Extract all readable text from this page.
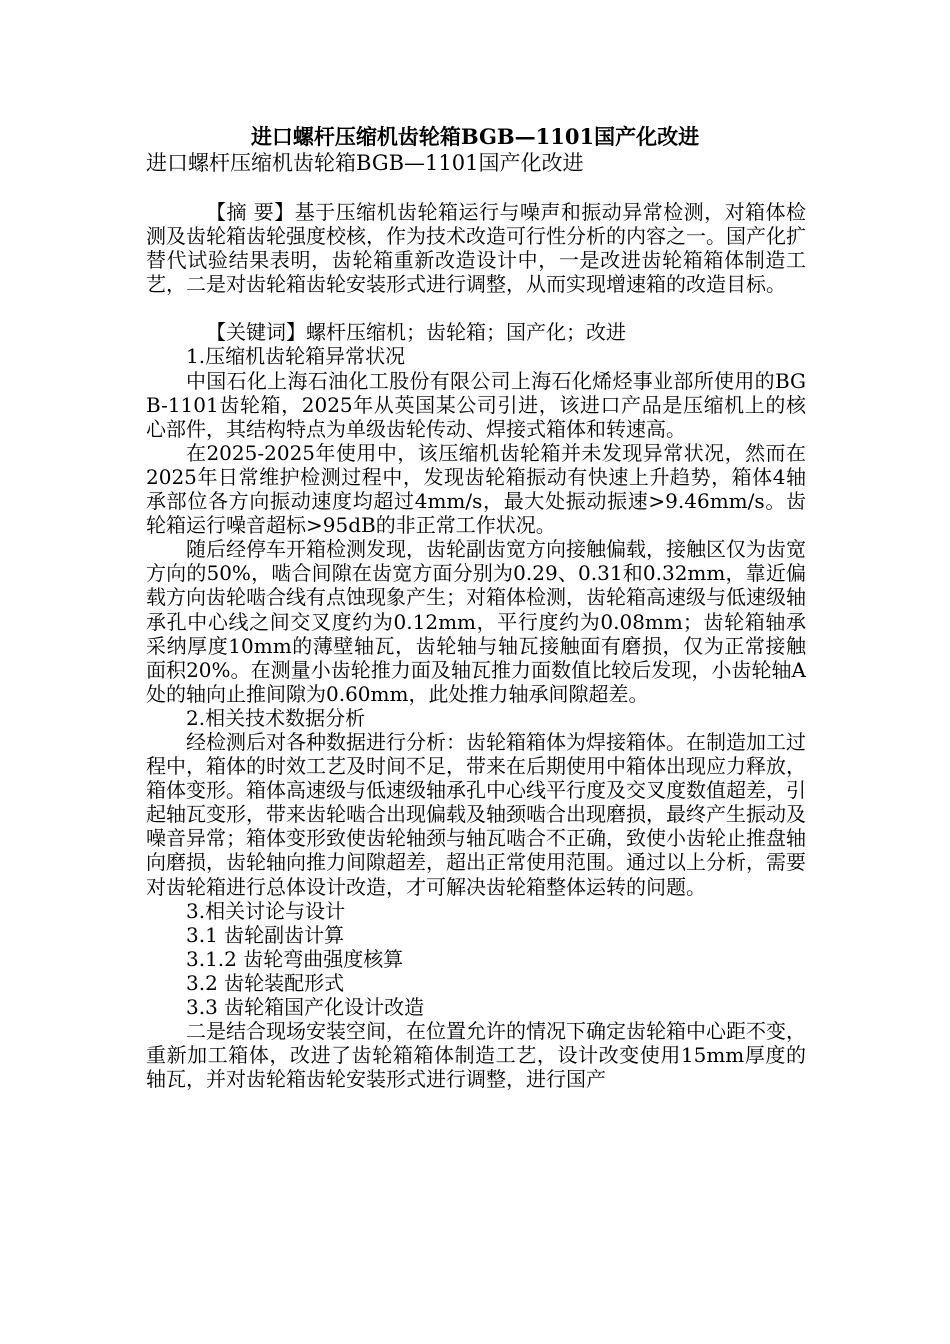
进口螺杆压缩机齿轮箱BGB—1101国产化改进
进口螺杆压缩机齿轮箱BGB—1101国产化改进

【摘 要】基于压缩机齿轮箱运行与噪声和振动异常检测，对箱体检测及齿轮箱齿轮强度校核，作为技术改造可行性分析的内容之一。国产化扩替代试验结果表明，齿轮箱重新改造设计中，一是改进齿轮箱箱体制造工艺，二是对齿轮箱齿轮安装形式进行调整，从而实现增速箱的改造目标。

【关键词】螺杆压缩机；齿轮箱；国产化；改进

1.压缩机齿轮箱异常状况

中国石化上海石油化工股份有限公司上海石化烯烃事业部所使用的BGB-1101齿轮箱，2025年从英国某公司引进，该进口产品是压缩机上的核心部件，其结构特点为单级齿轮传动、焊接式箱体和转速高。

在2025-2025年使用中，该压缩机齿轮箱并未发现异常状况，然而在2025年日常维护检测过程中，发现齿轮箱振动有快速上升趋势，箱体4轴承部位各方向振动速度均超过4mm/s，最大处振动振速>9.46mm/s。齿轮箱运行噪音超标>95dB的非正常工作状况。

随后经停车开箱检测发现，齿轮副齿宽方向接触偏载，接触区仅为齿宽方向的50%，啮合间隙在齿宽方面分别为0.29、0.31和0.32mm，靠近偏载方向齿轮啮合线有点蚀现象产生；对箱体检测，齿轮箱高速级与低速级轴承孔中心线之间交叉度约为0.12mm，平行度约为0.08mm；齿轮箱轴承采纳厚度10mm的薄壁轴瓦，齿轮轴与轴瓦接触面有磨损，仅为正常接触面积20%。在测量小齿轮推力面及轴瓦推力面数值比较后发现，小齿轮轴A处的轴向止推间隙为0.60mm，此处推力轴承间隙超差。

2.相关技术数据分析

经检测后对各种数据进行分析：齿轮箱箱体为焊接箱体。在制造加工过程中，箱体的时效工艺及时间不足，带来在后期使用中箱体出现应力释放，箱体变形。箱体高速级与低速级轴承孔中心线平行度及交叉度数值超差，引起轴瓦变形，带来齿轮啮合出现偏载及轴颈啮合出现磨损，最终产生振动及噪音异常；箱体变形致使齿轮轴颈与轴瓦啮合不正确，致使小齿轮止推盘轴向磨损，齿轮轴向推力间隙超差，超出正常使用范围。通过以上分析，需要对齿轮箱进行总体设计改造，才可解决齿轮箱整体运转的问题。

3.相关讨论与设计

3.1 齿轮副齿计算

3.1.2 齿轮弯曲强度核算

3.2 齿轮装配形式

3.3 齿轮箱国产化设计改造

二是结合现场安装空间，在位置允许的情况下确定齿轮箱中心距不变，重新加工箱体，改进了齿轮箱箱体制造工艺，设计改变使用15mm厚度的轴瓦，并对齿轮箱齿轮安装形式进行调整，进行国产
